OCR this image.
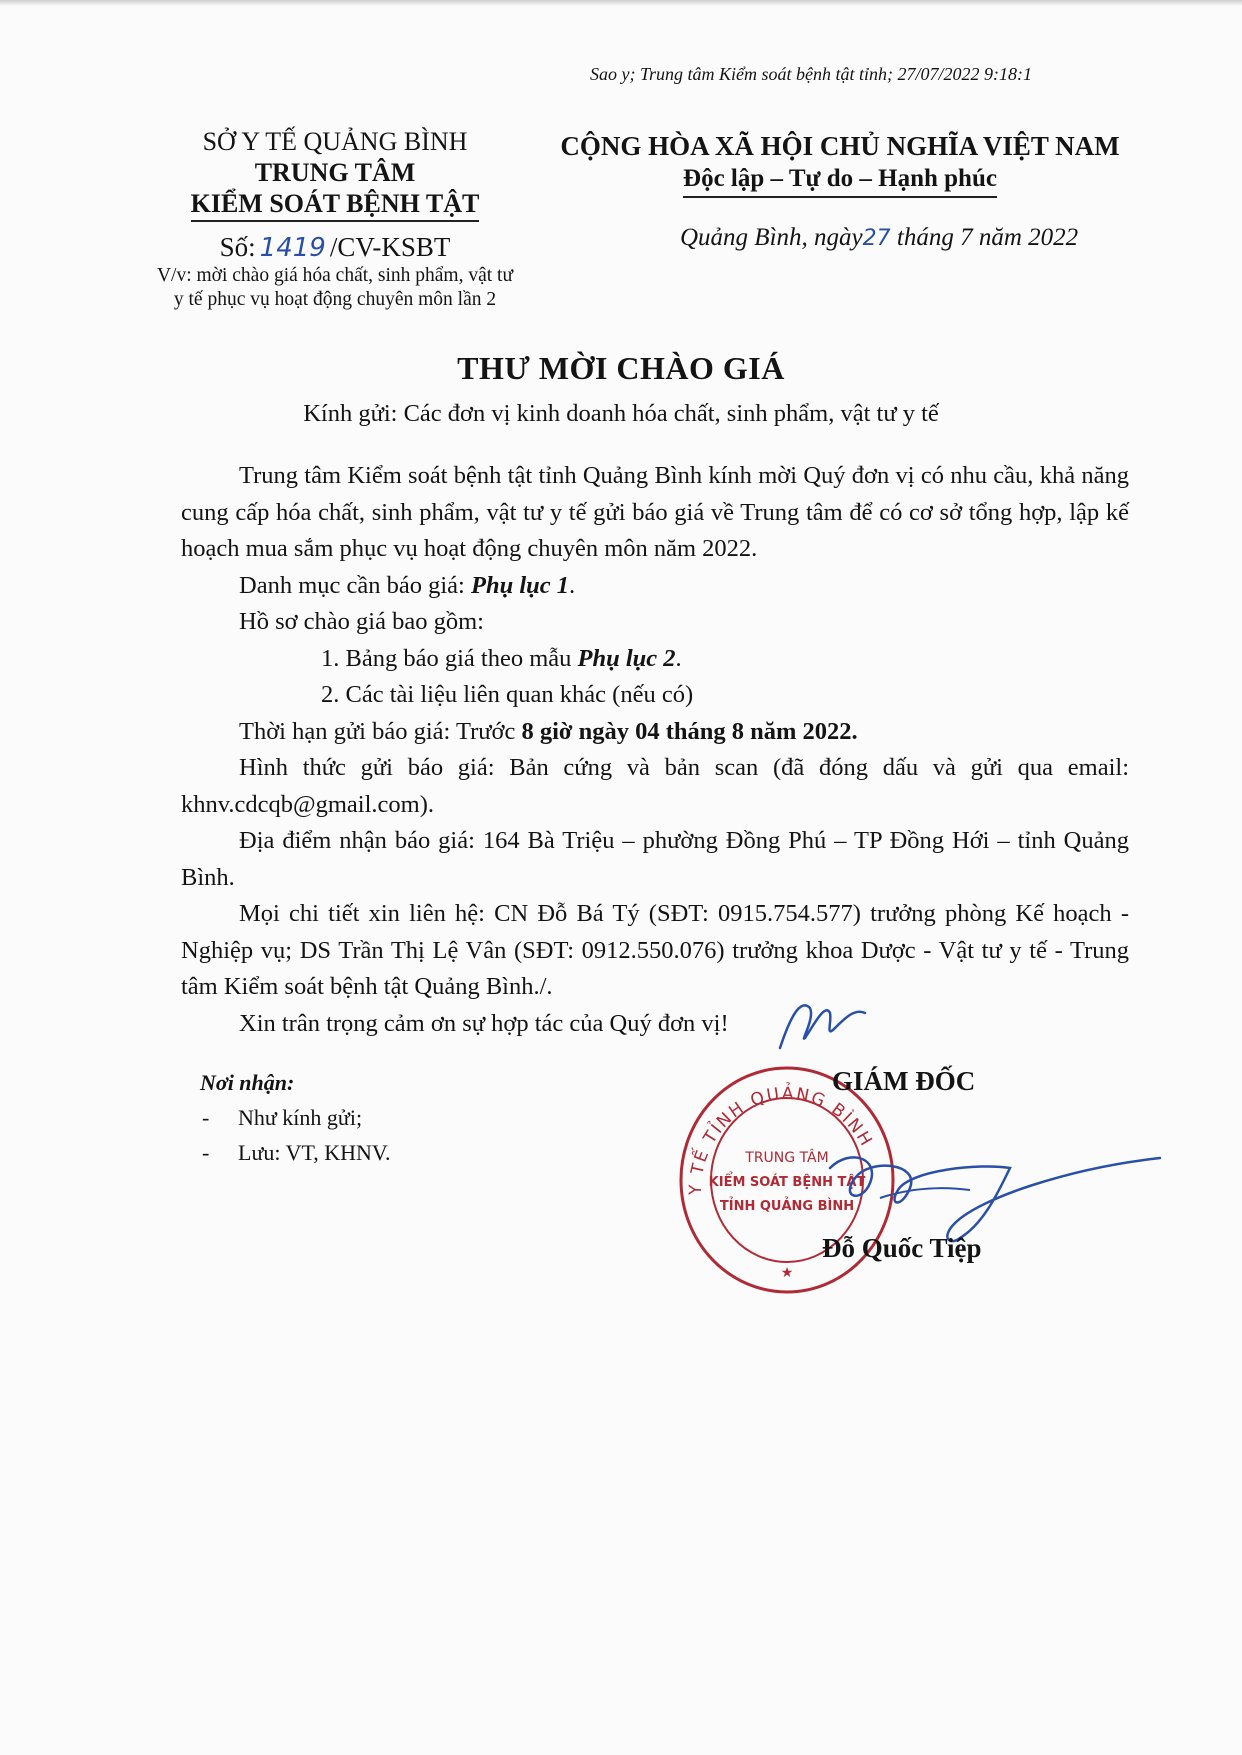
Sao y; Trung tâm Kiểm soát bệnh tật tỉnh; 27/07/2022 9:18:1
SỞ Y TẾ QUẢNG BÌNH
TRUNG TÂM
KIỂM SOÁT BỆNH TẬT
Số: 1419 /CV-KSBT
V/v: mời chào giá hóa chất, sinh phẩm, vật tư
y tế phục vụ hoạt động chuyên môn lần 2
CỘNG HÒA XÃ HỘI CHỦ NGHĨA VIỆT NAM
Độc lập – Tự do – Hạnh phúc
Quảng Bình, ngày27 tháng 7 năm 2022
THƯ MỜI CHÀO GIÁ
Kính gửi: Các đơn vị kinh doanh hóa chất, sinh phẩm, vật tư y tế

Trung tâm Kiểm soát bệnh tật tỉnh Quảng Bình kính mời Quý đơn vị có nhu cầu, khả năng cung cấp hóa chất, sinh phẩm, vật tư y tế gửi báo giá về Trung tâm để có cơ sở tổng hợp, lập kế hoạch mua sắm phục vụ hoạt động chuyên môn năm 2022.

Danh mục cần báo giá: Phụ lục 1.

Hồ sơ chào giá bao gồm:

1. Bảng báo giá theo mẫu Phụ lục 2.

2. Các tài liệu liên quan khác (nếu có)

Thời hạn gửi báo giá: Trước 8 giờ ngày 04 tháng 8 năm 2022.

Hình thức gửi báo giá: Bản cứng và bản scan (đã đóng dấu và gửi qua email: khnv.cdcqb@gmail.com).

Địa điểm nhận báo giá: 164 Bà Triệu – phường Đồng Phú – TP Đồng Hới – tỉnh Quảng Bình.

Mọi chi tiết xin liên hệ: CN Đỗ Bá Tý (SĐT: 0915.754.577) trưởng phòng Kế hoạch - Nghiệp vụ; DS Trần Thị Lệ Vân (SĐT: 0912.550.076) trưởng khoa Dược - Vật tư y tế - Trung tâm Kiểm soát bệnh tật Quảng Bình./.

Xin trân trọng cảm ơn sự hợp tác của Quý đơn vị!

Nơi nhận:
- Như kính gửi;
- Lưu: VT, KHNV.
Y TẾ TỈNH QUẢNG BÌNH
★
TRUNG TÂM
KIỂM SOÁT BỆNH TẬT
TỈNH QUẢNG BÌNH
GIÁM ĐỐC
Đỗ Quốc Tiệp
